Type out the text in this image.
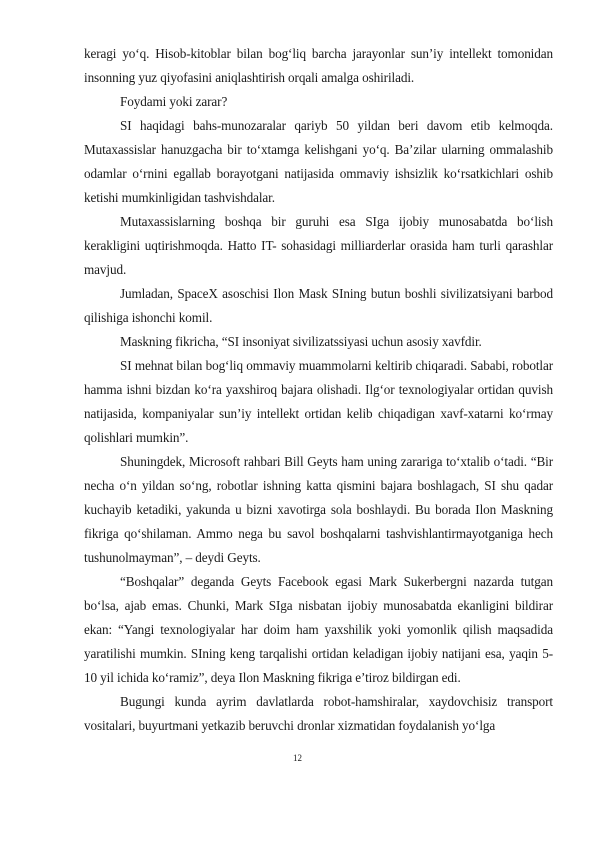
keragi yo‘q. Hisob-kitoblar bilan bog‘liq barcha jarayonlar sun’iy intellekt tomonidan insonning yuz qiyofasini aniqlashtirish orqali amalga oshiriladi.

Foydami yoki zarar?

SI haqidagi bahs-munozaralar qariyb 50 yildan beri davom etib kelmoqda. Mutaxassislar hanuzgacha bir to‘xtamga kelishgani yo‘q. Ba’zilar ularning ommalashib odamlar o‘rnini egallab borayotgani natijasida ommaviy ishsizlik ko‘rsatkichlari oshib ketishi mumkinligidan tashvishdalar.

Mutaxassislarning boshqa bir guruhi esa SIga ijobiy munosabatda bo‘lish kerakligini uqtirishmoqda. Hatto IT- sohasidagi milliarderlar orasida ham turli qarashlar mavjud.

Jumladan, SpaceX asoschisi Ilon Mask SIning butun boshli sivilizatsiyani barbod qilishiga ishonchi komil.

Maskning fikricha, “SI insoniyat sivilizatssiyasi uchun asosiy xavfdir.

SI mehnat bilan bog‘liq ommaviy muammolarni keltirib chiqaradi. Sababi, robotlar hamma ishni bizdan ko‘ra yaxshiroq bajara olishadi. Ilg‘or texnologiyalar ortidan quvish natijasida, kompaniyalar sun’iy intellekt ortidan kelib chiqadigan xavf-xatarni ko‘rmay qolishlari mumkin”.

Shuningdek, Microsoft rahbari Bill Geyts ham uning zarariga to‘xtalib o‘tadi. “Bir necha o‘n yildan so‘ng, robotlar ishning katta qismini bajara boshlagach, SI shu qadar kuchayib ketadiki, yakunda u bizni xavotirga sola boshlaydi. Bu borada Ilon Maskning fikriga qo‘shilaman. Ammo nega bu savol boshqalarni tashvishlantirmayotganiga hech tushunolmayman”, – deydi Geyts.

“Boshqalar” deganda Geyts Facebook egasi Mark Sukerbergni nazarda tutgan bo‘lsa, ajab emas. Chunki, Mark SIga nisbatan ijobiy munosabatda ekanligini bildirar ekan: “Yangi texnologiyalar har doim ham yaxshilik yoki yomonlik qilish maqsadida yaratilishi mumkin. SIning keng tarqalishi ortidan keladigan ijobiy natijani esa, yaqin 5-10 yil ichida ko‘ramiz”, deya Ilon Maskning fikriga e’tiroz bildirgan edi.

Bugungi kunda ayrim davlatlarda robot-hamshiralar, xaydovchisiz transport vositalari, buyurtmani yetkazib beruvchi dronlar xizmatidan foydalanish yo‘lga

12
